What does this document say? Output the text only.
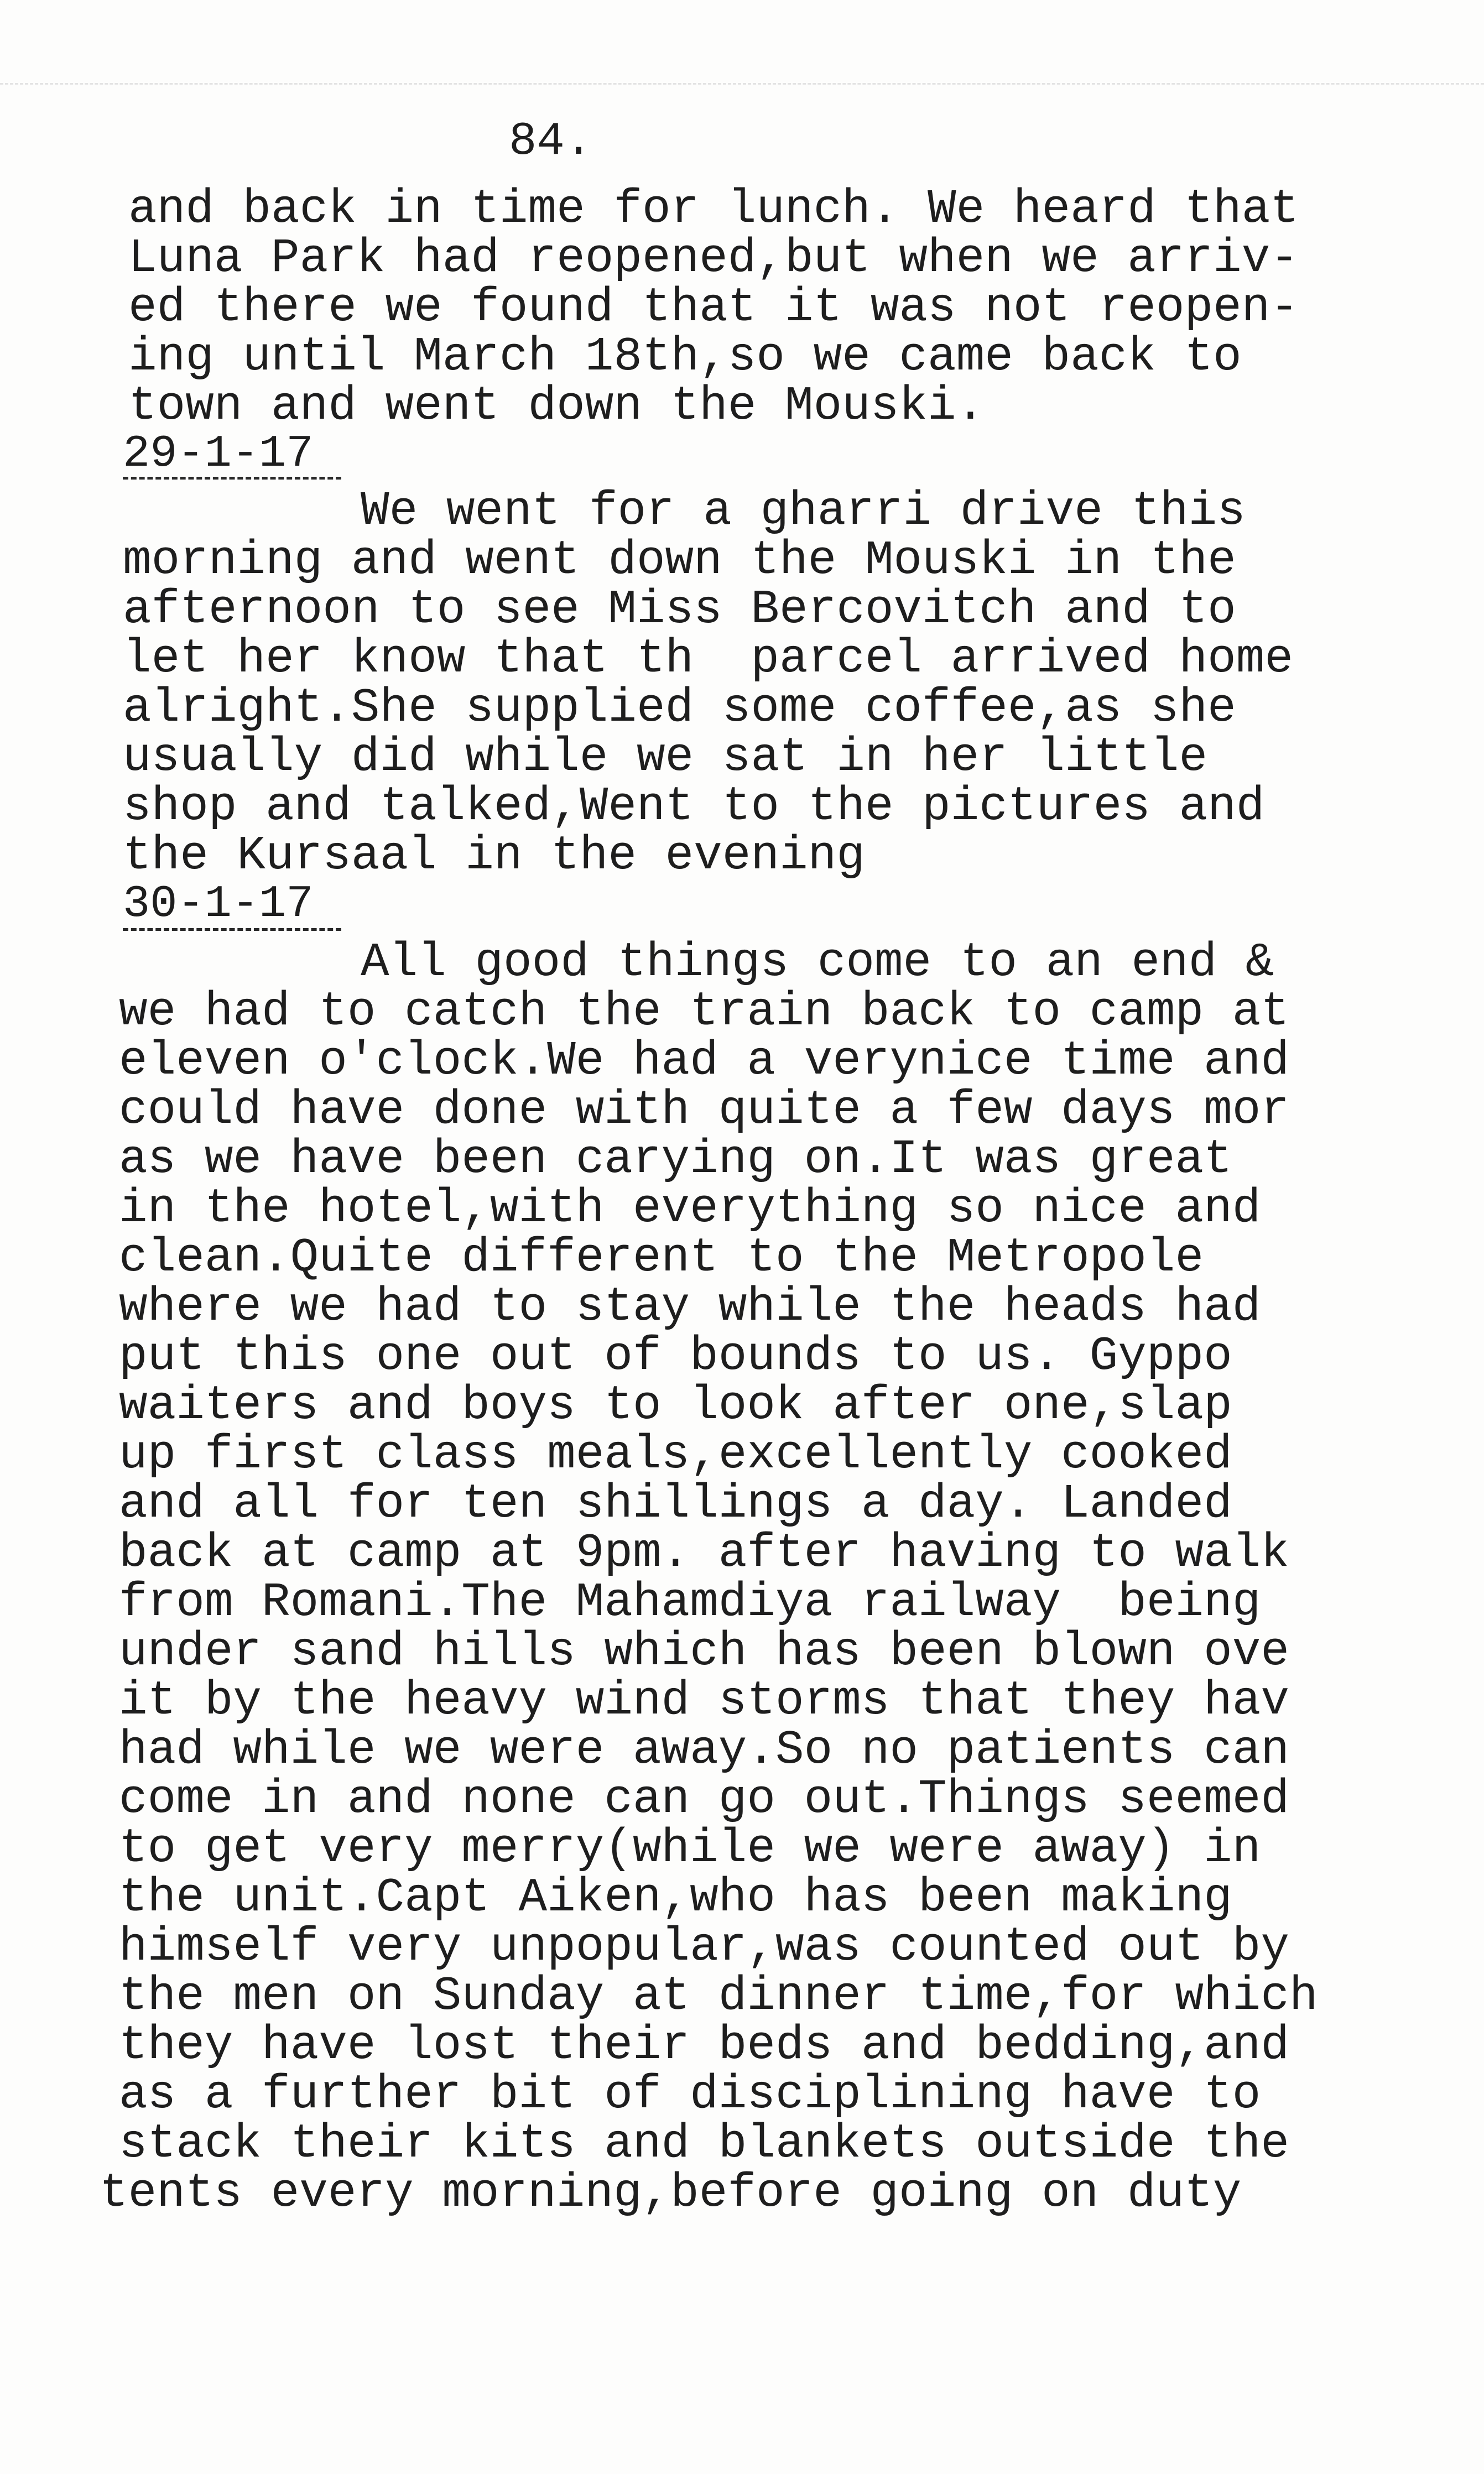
84.
and back in time for lunch. We heard that
Luna Park had reopened,but when we arriv-
ed there we found that it was not reopen-
ing until March 18th,so we came back to
town and went down the Mouski.
29-1-17
We went for a gharri drive this
morning and went down the Mouski in the
afternoon to see Miss Bercovitch and to
let her know that th  parcel arrived home
alright.She supplied some coffee,as she
usually did while we sat in her little
shop and talked,Went to the pictures and
the Kursaal in the evening
30-1-17
All good things come to an end &
we had to catch the train back to camp at
eleven o'clock.We had a verynice time and
could have done with quite a few days mor
as we have been carying on.It was great
in the hotel,with everything so nice and
clean.Quite different to the Metropole
where we had to stay while the heads had
put this one out of bounds to us. Gyppo
waiters and boys to look after one,slap
up first class meals,excellently cooked
and all for ten shillings a day. Landed
back at camp at 9pm. after having to walk
from Romani.The Mahamdiya railway  being
under sand hills which has been blown ove
it by the heavy wind storms that they hav
had while we were away.So no patients can
come in and none can go out.Things seemed
to get very merry(while we were away) in
the unit.Capt Aiken,who has been making
himself very unpopular,was counted out by
the men on Sunday at dinner time,for which
they have lost their beds and bedding,and
as a further bit of disciplining have to
stack their kits and blankets outside the
tents every morning,before going on duty
